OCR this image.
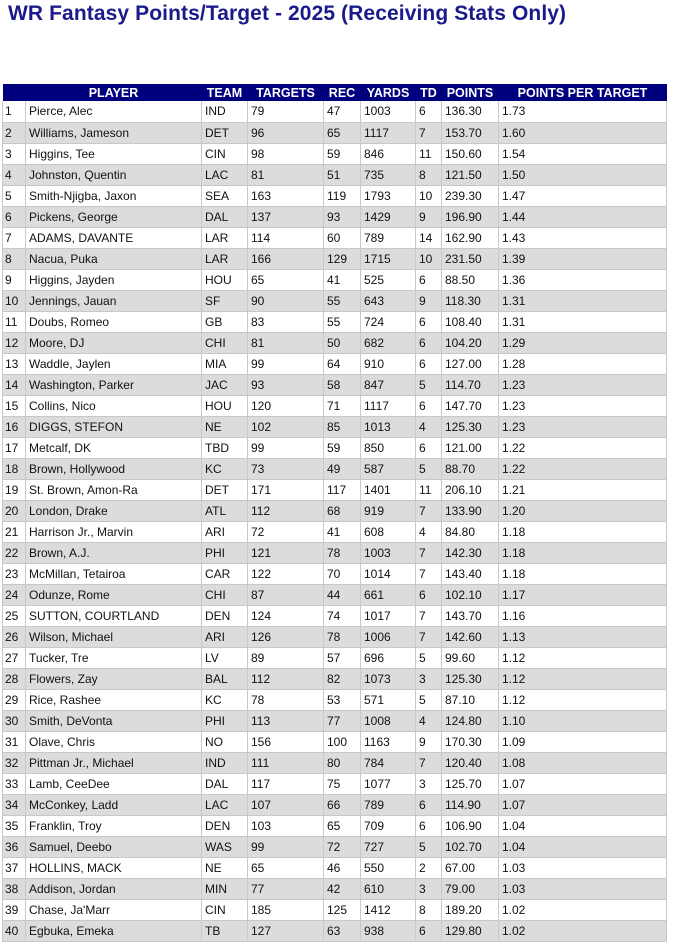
WR Fantasy Points/Target - 2025 (Receiving Stats Only)
	PLAYER	TEAM	TARGETS	REC	YARDS	TD	POINTS	POINTS PER TARGET
1	Pierce, Alec	IND	79	47	1003	6	136.30	1.73
2	Williams, Jameson	DET	96	65	1117	7	153.70	1.60
3	Higgins, Tee	CIN	98	59	846	11	150.60	1.54
4	Johnston, Quentin	LAC	81	51	735	8	121.50	1.50
5	Smith-Njigba, Jaxon	SEA	163	119	1793	10	239.30	1.47
6	Pickens, George	DAL	137	93	1429	9	196.90	1.44
7	ADAMS, DAVANTE	LAR	114	60	789	14	162.90	1.43
8	Nacua, Puka	LAR	166	129	1715	10	231.50	1.39
9	Higgins, Jayden	HOU	65	41	525	6	88.50	1.36
10	Jennings, Jauan	SF	90	55	643	9	118.30	1.31
11	Doubs, Romeo	GB	83	55	724	6	108.40	1.31
12	Moore, DJ	CHI	81	50	682	6	104.20	1.29
13	Waddle, Jaylen	MIA	99	64	910	6	127.00	1.28
14	Washington, Parker	JAC	93	58	847	5	114.70	1.23
15	Collins, Nico	HOU	120	71	1117	6	147.70	1.23
16	DIGGS, STEFON	NE	102	85	1013	4	125.30	1.23
17	Metcalf, DK	TBD	99	59	850	6	121.00	1.22
18	Brown, Hollywood	KC	73	49	587	5	88.70	1.22
19	St. Brown, Amon-Ra	DET	171	117	1401	11	206.10	1.21
20	London, Drake	ATL	112	68	919	7	133.90	1.20
21	Harrison Jr., Marvin	ARI	72	41	608	4	84.80	1.18
22	Brown, A.J.	PHI	121	78	1003	7	142.30	1.18
23	McMillan, Tetairoa	CAR	122	70	1014	7	143.40	1.18
24	Odunze, Rome	CHI	87	44	661	6	102.10	1.17
25	SUTTON, COURTLAND	DEN	124	74	1017	7	143.70	1.16
26	Wilson, Michael	ARI	126	78	1006	7	142.60	1.13
27	Tucker, Tre	LV	89	57	696	5	99.60	1.12
28	Flowers, Zay	BAL	112	82	1073	3	125.30	1.12
29	Rice, Rashee	KC	78	53	571	5	87.10	1.12
30	Smith, DeVonta	PHI	113	77	1008	4	124.80	1.10
31	Olave, Chris	NO	156	100	1163	9	170.30	1.09
32	Pittman Jr., Michael	IND	111	80	784	7	120.40	1.08
33	Lamb, CeeDee	DAL	117	75	1077	3	125.70	1.07
34	McConkey, Ladd	LAC	107	66	789	6	114.90	1.07
35	Franklin, Troy	DEN	103	65	709	6	106.90	1.04
36	Samuel, Deebo	WAS	99	72	727	5	102.70	1.04
37	HOLLINS, MACK	NE	65	46	550	2	67.00	1.03
38	Addison, Jordan	MIN	77	42	610	3	79.00	1.03
39	Chase, Ja'Marr	CIN	185	125	1412	8	189.20	1.02
40	Egbuka, Emeka	TB	127	63	938	6	129.80	1.02
